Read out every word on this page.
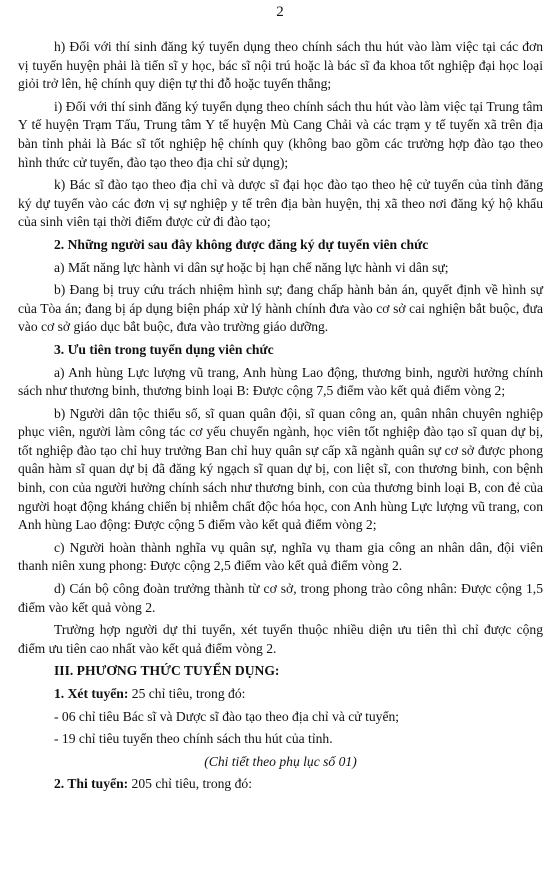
2

h) Đối với thí sinh đăng ký tuyển dụng theo chính sách thu hút vào làm việc tại các đơn vị tuyến huyện phải là tiến sĩ y học, bác sĩ nội trú hoặc là bác sĩ đa khoa tốt nghiệp đại học loại giỏi trở lên, hệ chính quy diện tự thi đỗ hoặc tuyển thẳng;

i) Đối với thí sinh đăng ký tuyển dụng theo chính sách thu hút vào làm việc tại Trung tâm Y tế huyện Trạm Tấu, Trung tâm Y tế huyện Mù Cang Chải và các trạm y tế tuyến xã trên địa bàn tỉnh phải là Bác sĩ tốt nghiệp hệ chính quy (không bao gồm các trường hợp đào tạo theo hình thức cử tuyển, đào tạo theo địa chỉ sử dụng);

k) Bác sĩ đào tạo theo địa chỉ và dược sĩ đại học đào tạo theo hệ cử tuyển của tỉnh đăng ký dự tuyển vào các đơn vị sự nghiệp y tế trên địa bàn huyện, thị xã theo nơi đăng ký hộ khẩu của sinh viên tại thời điểm được cử đi đào tạo;

2. Những người sau đây không được đăng ký dự tuyển viên chức

a) Mất năng lực hành vi dân sự hoặc bị hạn chế năng lực hành vi dân sự;

b) Đang bị truy cứu trách nhiệm hình sự; đang chấp hành bản án, quyết định về hình sự của Tòa án; đang bị áp dụng biện pháp xử lý hành chính đưa vào cơ sở cai nghiện bắt buộc, đưa vào cơ sở giáo dục bắt buộc, đưa vào trường giáo dưỡng.

3. Ưu tiên trong tuyển dụng viên chức

a) Anh hùng Lực lượng vũ trang, Anh hùng Lao động, thương binh, người hưởng chính sách như thương binh, thương binh loại B: Được cộng 7,5 điểm vào kết quả điểm vòng 2;

b) Người dân tộc thiểu số, sĩ quan quân đội, sĩ quan công an, quân nhân chuyên nghiệp phục viên, người làm công tác cơ yếu chuyển ngành, học viên tốt nghiệp đào tạo sĩ quan dự bị, tốt nghiệp đào tạo chỉ huy trưởng Ban chỉ huy quân sự cấp xã ngành quân sự cơ sở được phong quân hàm sĩ quan dự bị đã đăng ký ngạch sĩ quan dự bị, con liệt sĩ, con thương binh, con bệnh binh, con của người hưởng chính sách như thương binh, con của thương binh loại B, con đẻ của người hoạt động kháng chiến bị nhiễm chất độc hóa học, con Anh hùng Lực lượng vũ trang, con Anh hùng Lao động: Được cộng 5 điểm vào kết quả điểm vòng 2;

c) Người hoàn thành nghĩa vụ quân sự, nghĩa vụ tham gia công an nhân dân, đội viên thanh niên xung phong: Được cộng 2,5 điểm vào kết quả điểm vòng 2.

d) Cán bộ công đoàn trưởng thành từ cơ sở, trong phong trào công nhân: Được cộng 1,5 điểm vào kết quả vòng 2.

Trường hợp người dự thi tuyển, xét tuyển thuộc nhiều diện ưu tiên thì chỉ được cộng điểm ưu tiên cao nhất vào kết quả điểm vòng 2.

III. PHƯƠNG THỨC TUYỂN DỤNG:

1. Xét tuyển: 25 chỉ tiêu, trong đó:

- 06 chỉ tiêu Bác sĩ và Dược sĩ đào tạo theo địa chỉ và cử tuyển;

- 19 chỉ tiêu tuyển theo chính sách thu hút của tỉnh.

(Chi tiết theo phụ lục số 01)

2. Thi tuyển: 205 chỉ tiêu, trong đó:
